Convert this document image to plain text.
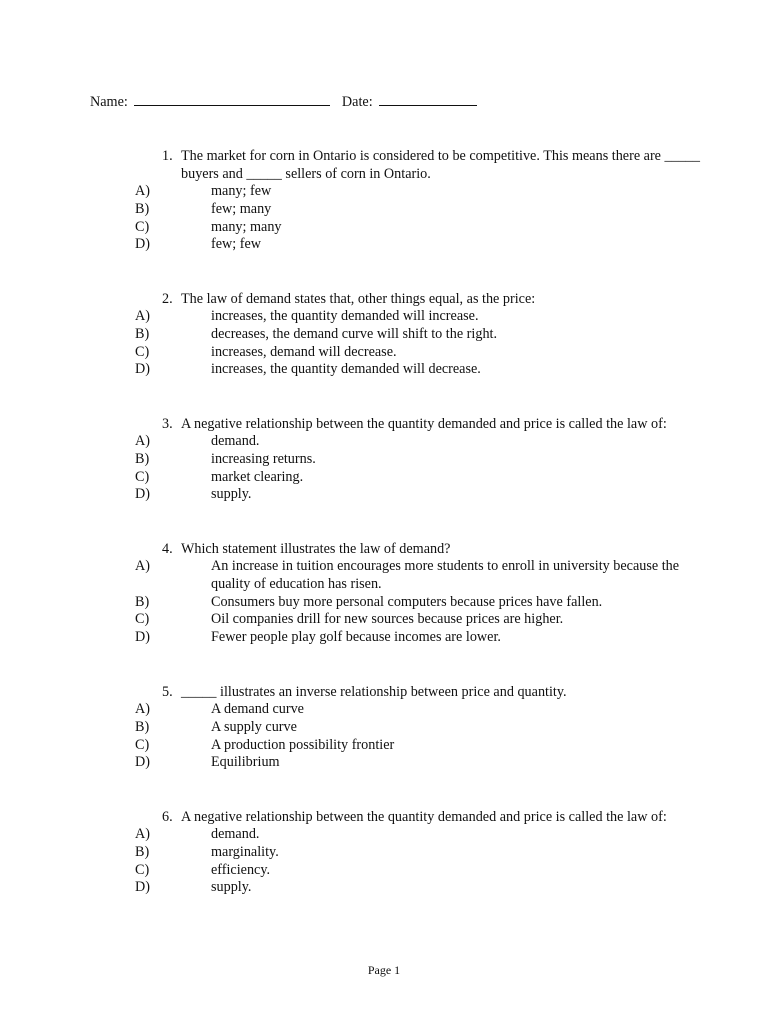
Name:	Date:
1. The market for corn in Ontario is considered to be competitive. This means there are _____ buyers and _____ sellers of corn in Ontario.
A)	many; few
B)	few; many
C)	many; many
D)	few; few
2. The law of demand states that, other things equal, as the price:
A)	increases, the quantity demanded will increase.
B)	decreases, the demand curve will shift to the right.
C)	increases, demand will decrease.
D)	increases, the quantity demanded will decrease.
3. A negative relationship between the quantity demanded and price is called the law of:
A)	demand.
B)	increasing returns.
C)	market clearing.
D)	supply.
4. Which statement illustrates the law of demand?
A)	An increase in tuition encourages more students to enroll in university because the quality of education has risen.
B)	Consumers buy more personal computers because prices have fallen.
C)	Oil companies drill for new sources because prices are higher.
D)	Fewer people play golf because incomes are lower.
5. _____ illustrates an inverse relationship between price and quantity.
A)	A demand curve
B)	A supply curve
C)	A production possibility frontier
D)	Equilibrium
6. A negative relationship between the quantity demanded and price is called the law of:
A)	demand.
B)	marginality.
C)	efficiency.
D)	supply.
Page 1
